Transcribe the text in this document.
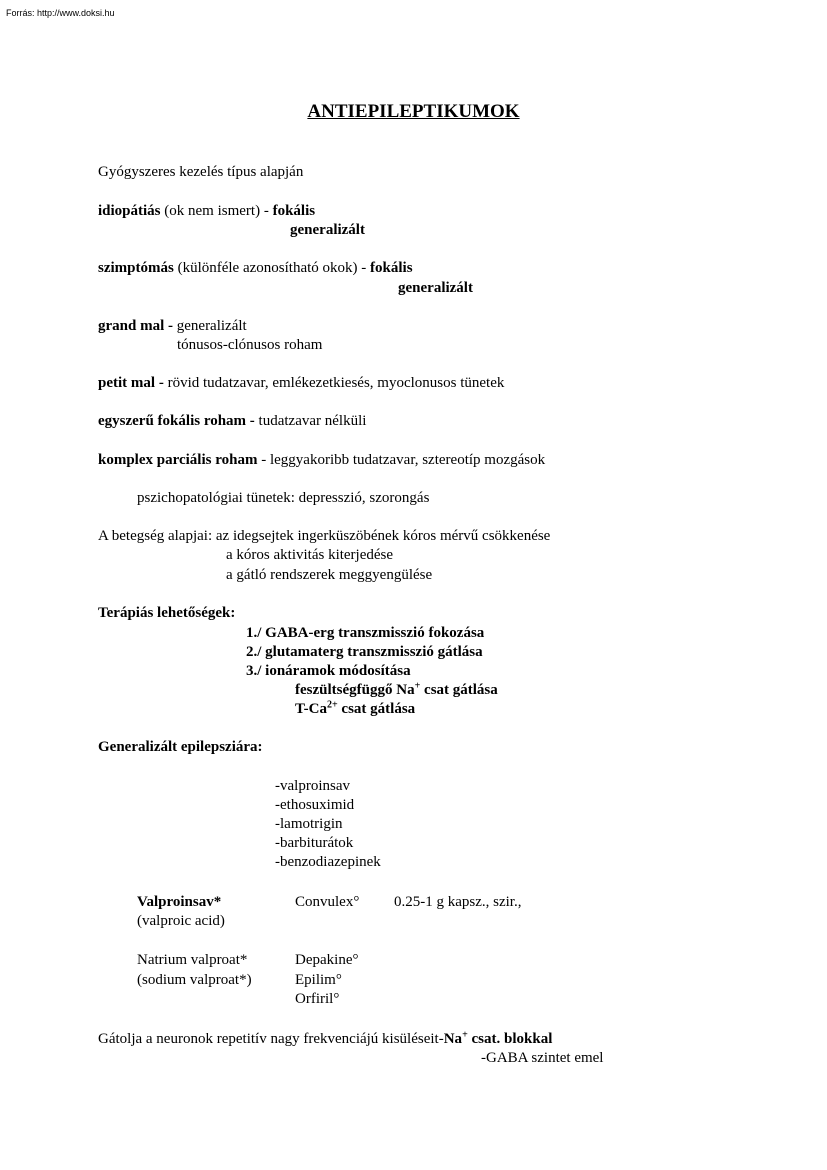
Forrás: http://www.doksi.hu
ANTIEPILEPTIKUMOK
Gyógyszeres kezelés típus alapján
idiopátiás (ok nem ismert) - fokális
generalizált
szimptómás (különféle azonosítható okok) - fokális
generalizált
grand mal - generalizált
tónusos-clónusos roham
petit mal - rövid tudatzavar, emlékezetkiesés, myoclonusos tünetek
egyszerű fokális roham - tudatzavar nélküli
komplex parciális roham - leggyakoribb tudatzavar, sztereotíp mozgások
pszichopatológiai tünetek: depresszió, szorongás
A betegség alapjai: az idegsejtek ingerküszöbének kóros mérvű csökkenése
a kóros aktivitás kiterjedése
a gátló rendszerek meggyengülése
Terápiás lehetőségek:
1./ GABA-erg transzmisszió fokozása
2./ glutamaterg transzmisszió gátlása
3./ ionáramok módosítása
feszültségfüggő Na+ csat gátlása
$T-Ca^{2+}$ csat gátlása
Generalizált epilepsziára:
-valproinsav
-ethosuximid
-lamotrigin
-barbiturátok
-benzodiazepinek
Valproinsav*	Convulex° 0.25-1 g kapsz., szir.,
(valproic acid)
Natrium valproat*	Depakine°
(sodium valproat*)	Epilim°
Orfiril°
Gátolja a neuronok repetitív nagy frekvenciájú kisüléseit-Na+ csat. blokkal
-GABA szintet emel
